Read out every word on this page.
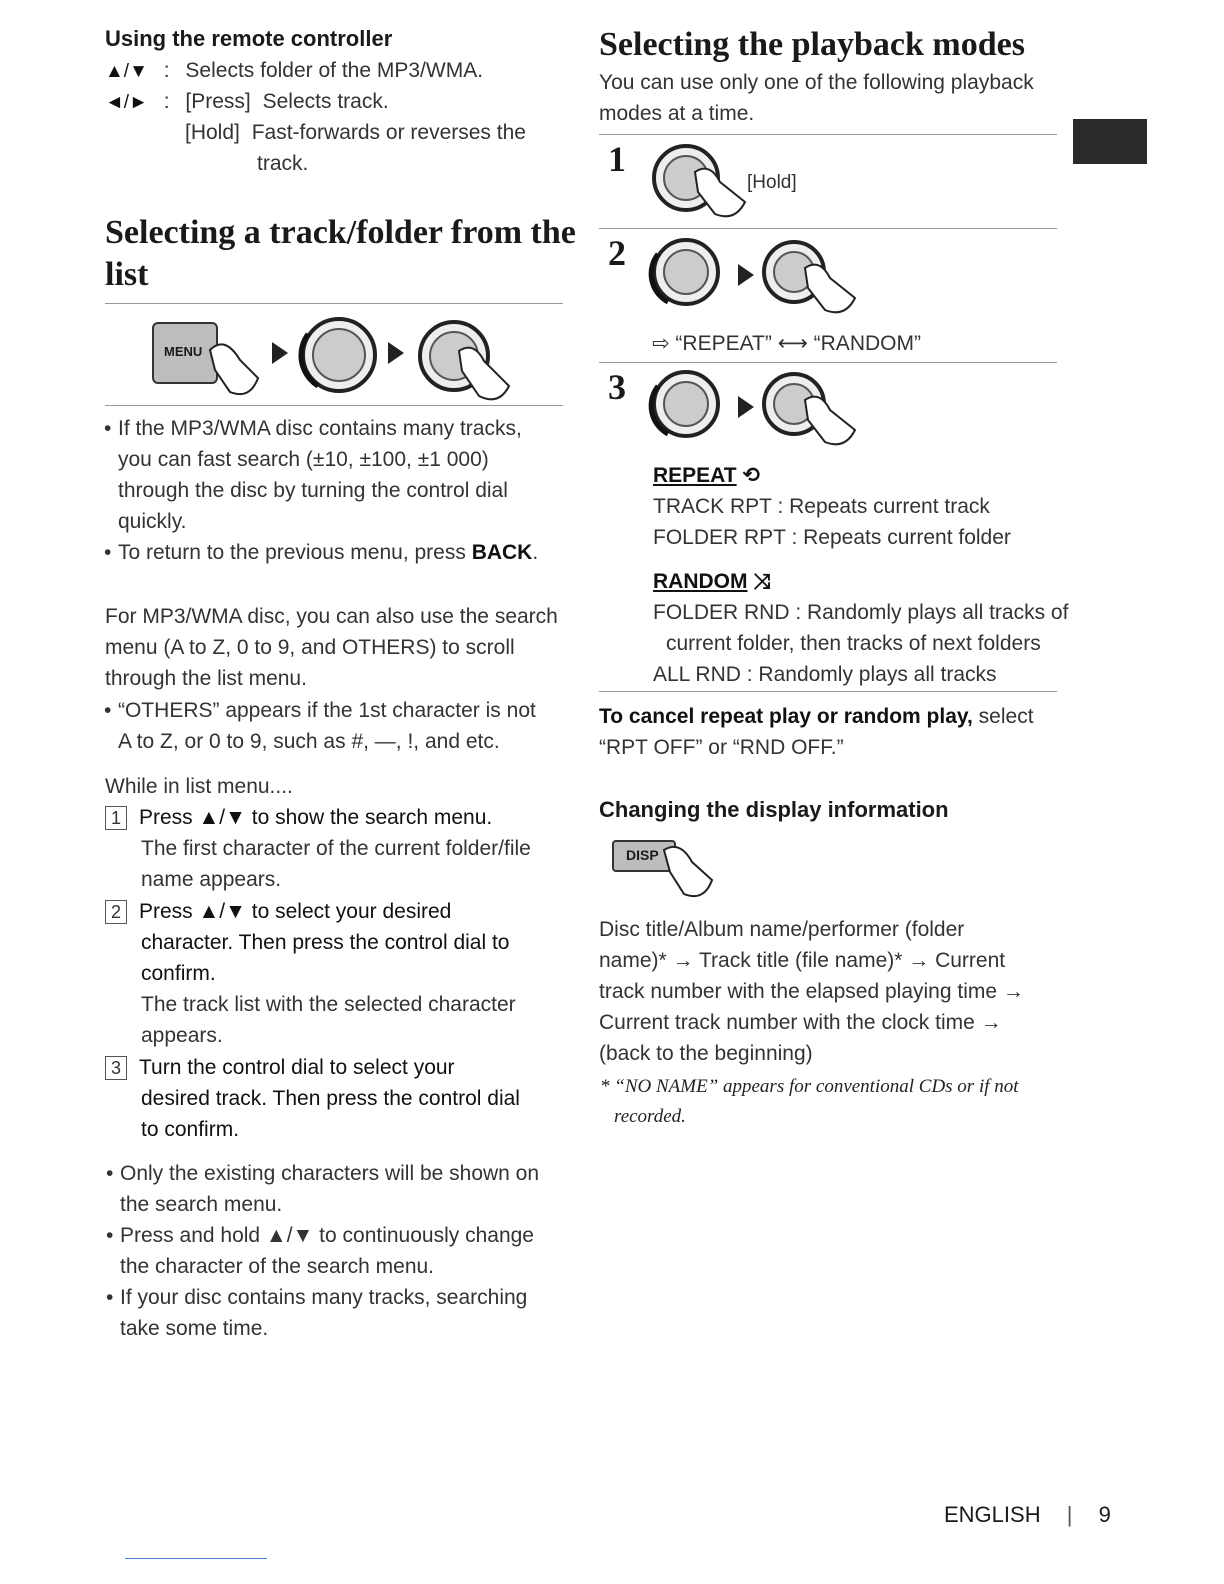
Using the remote controller
▲/▼ : Selects folder of the MP3/WMA.
◄/► : [Press] Selects track.
[Hold] Fast-forwards or reverses the
track.
Selecting a track/folder from the
list
MENU
• If the MP3/WMA disc contains many tracks,
you can fast search (±10, ±100, ±1 000)
through the disc by turning the control dial
quickly.
• To return to the previous menu, press BACK.
For MP3/WMA disc, you can also use the search
menu (A to Z, 0 to 9, and OTHERS) to scroll
through the list menu.
• “OTHERS” appears if the 1st character is not
A to Z, or 0 to 9, such as #, —, !, and etc.
While in list menu....
1 Press ▲/▼ to show the search menu.
The first character of the current folder/file
name appears.
2 Press ▲/▼ to select your desired
character. Then press the control dial to
confirm.
The track list with the selected character
appears.
3 Turn the control dial to select your
desired track. Then press the control dial
to confirm.
• Only the existing characters will be shown on
the search menu.
• Press and hold ▲/▼ to continuously change
the character of the search menu.
• If your disc contains many tracks, searching
take some time.
Selecting the playback modes
You can use only one of the following playback
modes at a time.
1
[Hold]
2
⇨ “REPEAT” ⟷ “RANDOM”
3
REPEAT ⟲
TRACK RPT : Repeats current track
FOLDER RPT : Repeats current folder
RANDOM ⤨
FOLDER RND : Randomly plays all tracks of
current folder, then tracks of next folders
ALL RND : Randomly plays all tracks
To cancel repeat play or random play, select
“RPT OFF” or “RND OFF.”
Changing the display information
DISP
Disc title/Album name/performer (folder
name)* → Track title (file name)* → Current
track number with the elapsed playing time →
Current track number with the clock time →
(back to the beginning)
* “NO NAME” appears for conventional CDs or if not
recorded.
ENGLISH | 9
